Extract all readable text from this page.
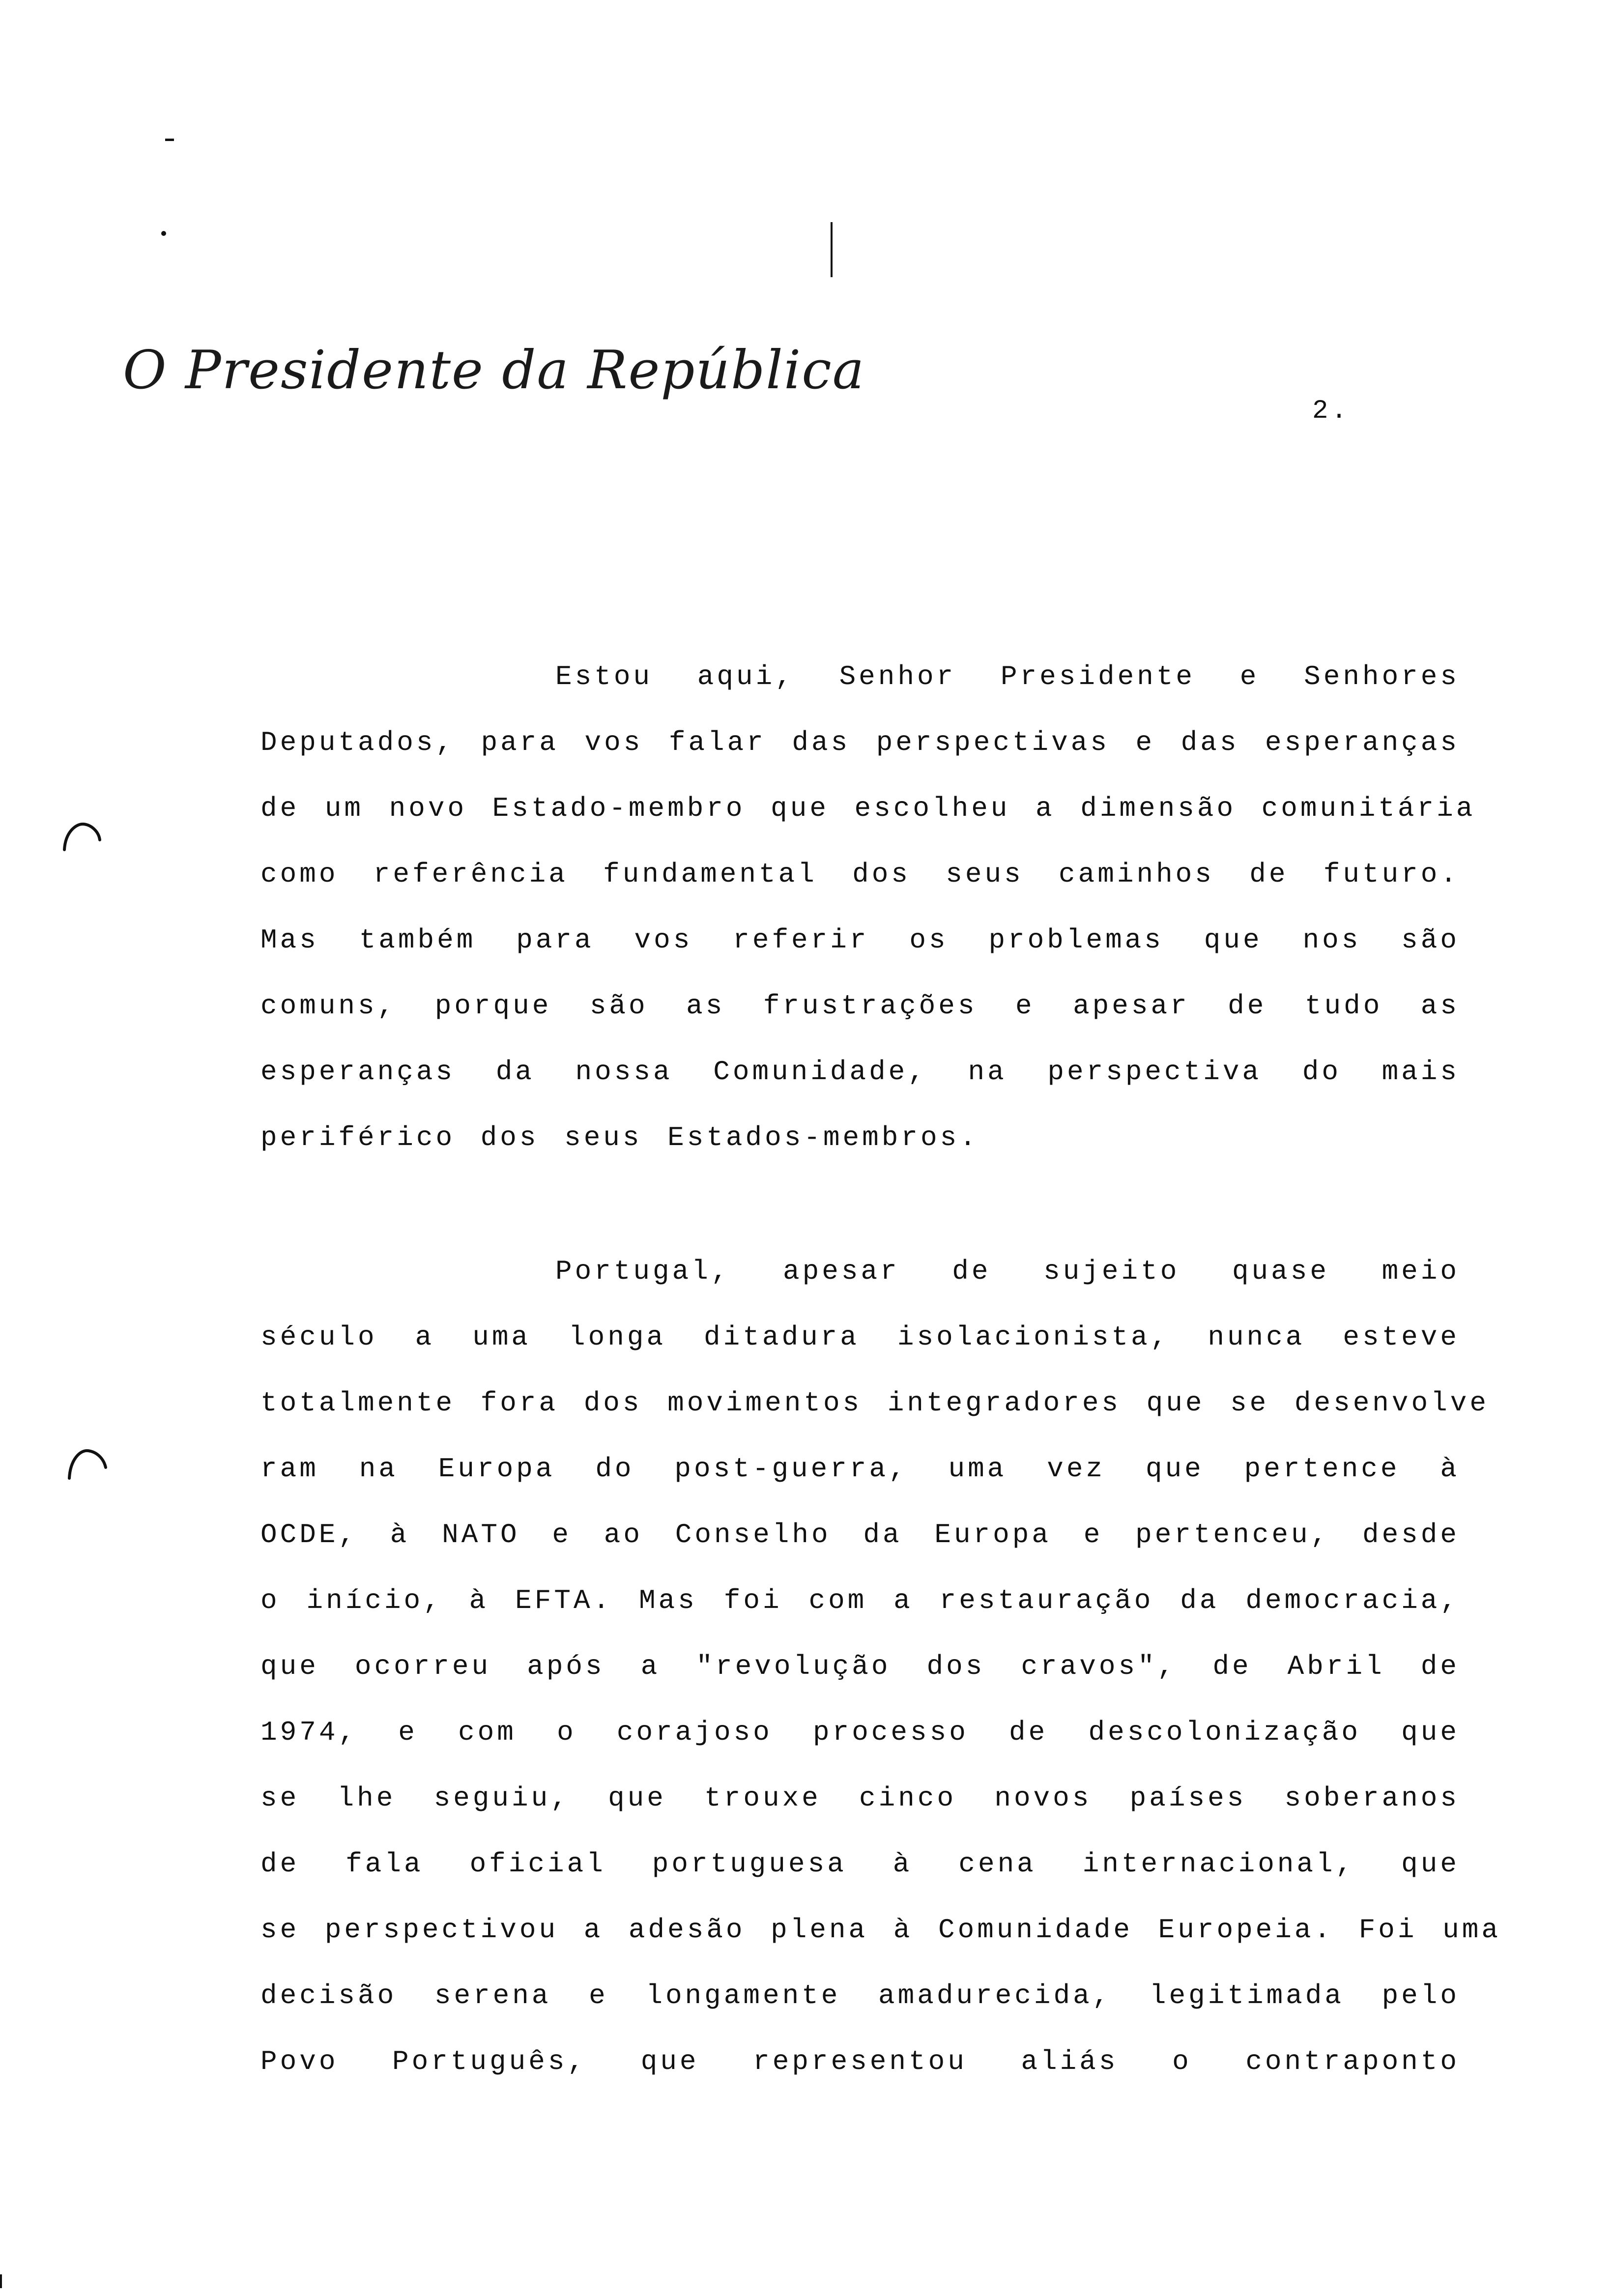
O Presidente da República
2.
Estou aqui, Senhor Presidente e Senhores
Deputados, para vos falar das perspectivas e das esperanças
de um novo Estado-membro que escolheu a dimensão comunitária
como referência fundamental dos seus caminhos de futuro.
Mas também para vos referir os problemas que nos são
comuns, porque são as frustrações e apesar de tudo as
esperanças da nossa Comunidade, na perspectiva do mais
periférico dos seus Estados-membros.
Portugal, apesar de sujeito quase meio
século a uma longa ditadura isolacionista, nunca esteve
totalmente fora dos movimentos integradores que se desenvolve
ram na Europa do post-guerra, uma vez que pertence à
OCDE, à NATO e ao Conselho da Europa e pertenceu, desde
o início, à EFTA. Mas foi com a restauração da democracia,
que ocorreu após a "revolução dos cravos", de Abril de
1974, e com o corajoso processo de descolonização que
se lhe seguiu, que trouxe cinco novos países soberanos
de fala oficial portuguesa à cena internacional, que
se perspectivou a adesão plena à Comunidade Europeia. Foi uma
decisão serena e longamente amadurecida, legitimada pelo
Povo Português, que representou aliás o contraponto
